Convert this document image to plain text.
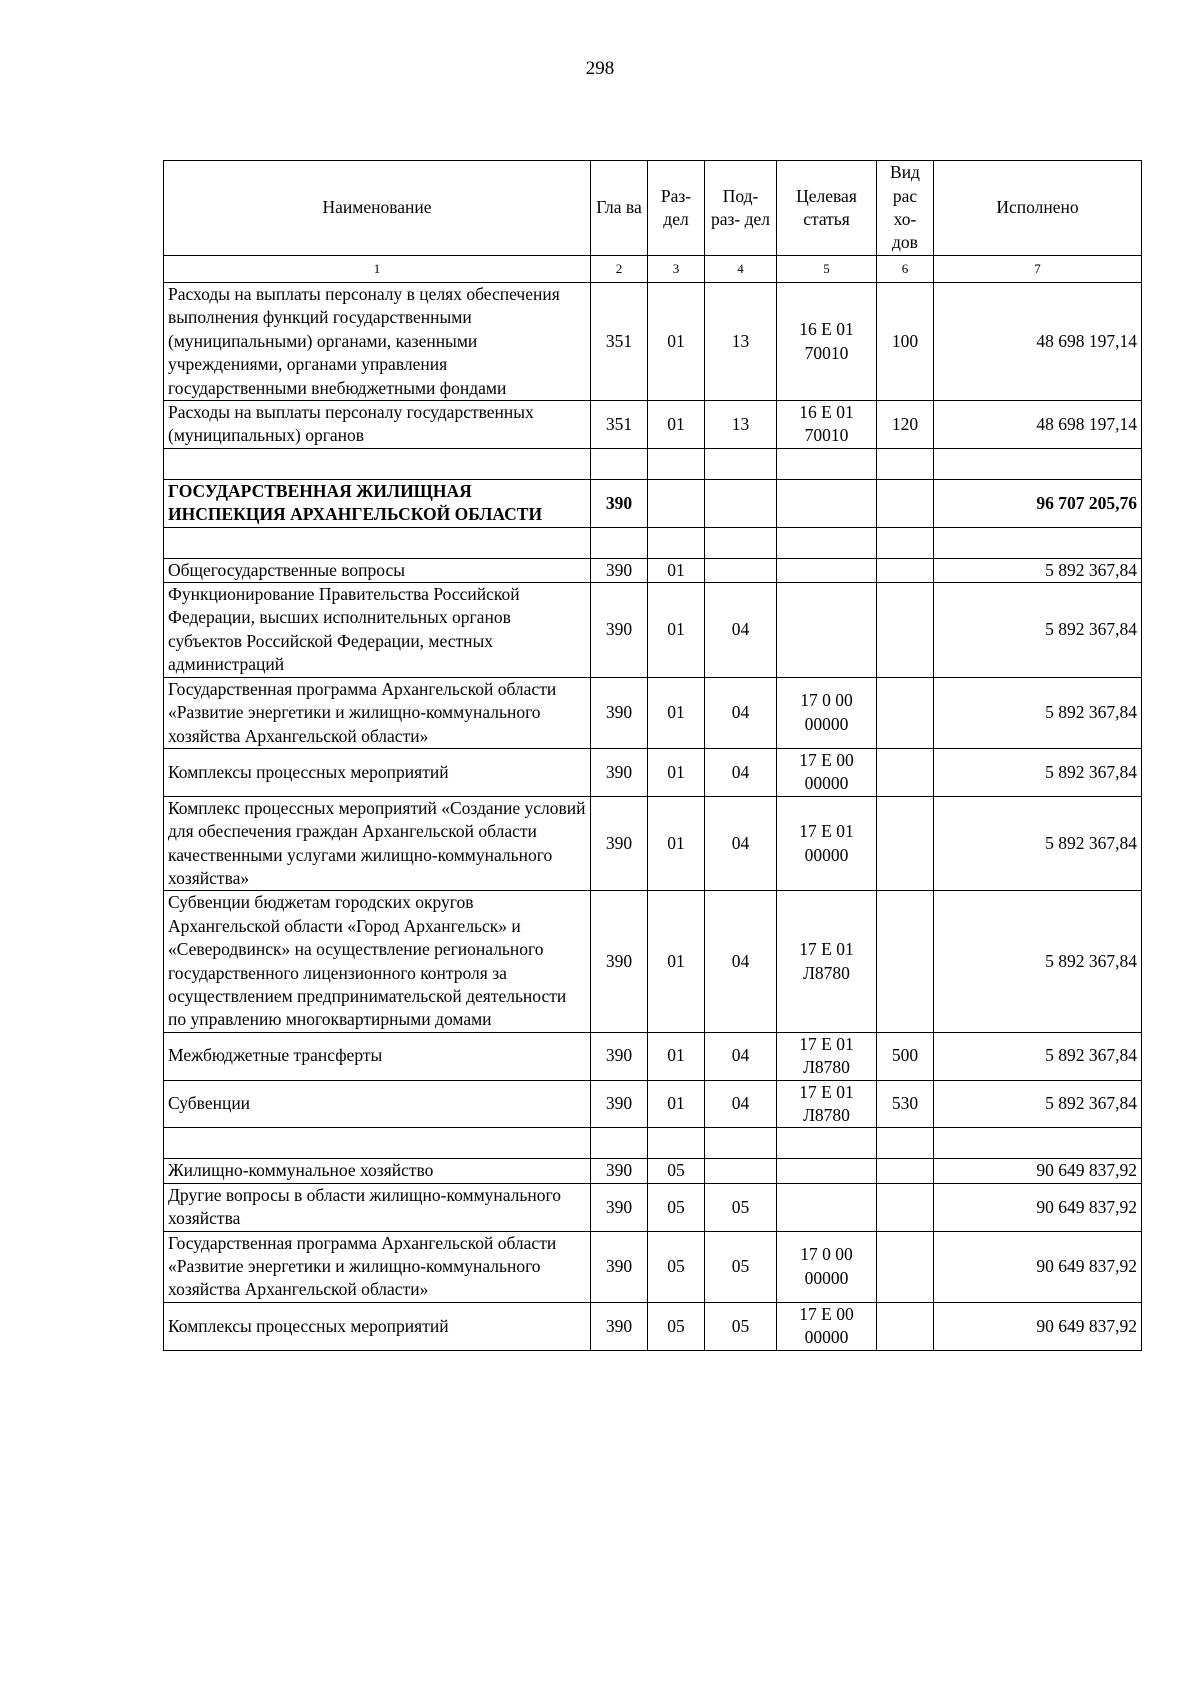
298
Наименование	Гла ва	Раз- дел	Под- раз- дел	Целевая статья	Вид рас хо- дов	Исполнено
1	2	3	4	5	6	7
Расходы на выплаты персоналу в целях обеспечения выполнения функций государственными (муниципальными) органами, казенными учреждениями, органами управления государственными внебюджетными фондами	351	01	13	16 Е 01 70010	100	48 698 197,14
Расходы на выплаты персоналу государственных (муниципальных) органов	351	01	13	16 Е 01 70010	120	48 698 197,14

ГОСУДАРСТВЕННАЯ ЖИЛИЩНАЯ ИНСПЕКЦИЯ АРХАНГЕЛЬСКОЙ ОБЛАСТИ	390					96 707 205,76

Общегосударственные вопросы	390	01				5 892 367,84
Функционирование Правительства Российской Федерации, высших исполнительных органов субъектов Российской Федерации, местных администраций	390	01	04			5 892 367,84
Государственная программа Архангельской области «Развитие энергетики и жилищно-коммунального хозяйства Архангельской области»	390	01	04	17 0 00 00000		5 892 367,84
Комплексы процессных мероприятий	390	01	04	17 Е 00 00000		5 892 367,84
Комплекс процессных мероприятий «Создание условий для обеспечения граждан Архангельской области качественными услугами жилищно-коммунального хозяйства»	390	01	04	17 Е 01 00000		5 892 367,84
Субвенции бюджетам городских округов Архангельской области «Город Архангельск» и «Северодвинск» на осуществление регионального государственного лицензионного контроля за осуществлением предпринимательской деятельности по управлению многоквартирными домами	390	01	04	17 Е 01 Л8780		5 892 367,84
Межбюджетные трансферты	390	01	04	17 Е 01 Л8780	500	5 892 367,84
Субвенции	390	01	04	17 Е 01 Л8780	530	5 892 367,84

Жилищно-коммунальное хозяйство	390	05				90 649 837,92
Другие вопросы в области жилищно-коммунального хозяйства	390	05	05			90 649 837,92
Государственная программа Архангельской области «Развитие энергетики и жилищно-коммунального хозяйства Архангельской области»	390	05	05	17 0 00 00000		90 649 837,92
Комплексы процессных мероприятий	390	05	05	17 Е 00 00000		90 649 837,92
